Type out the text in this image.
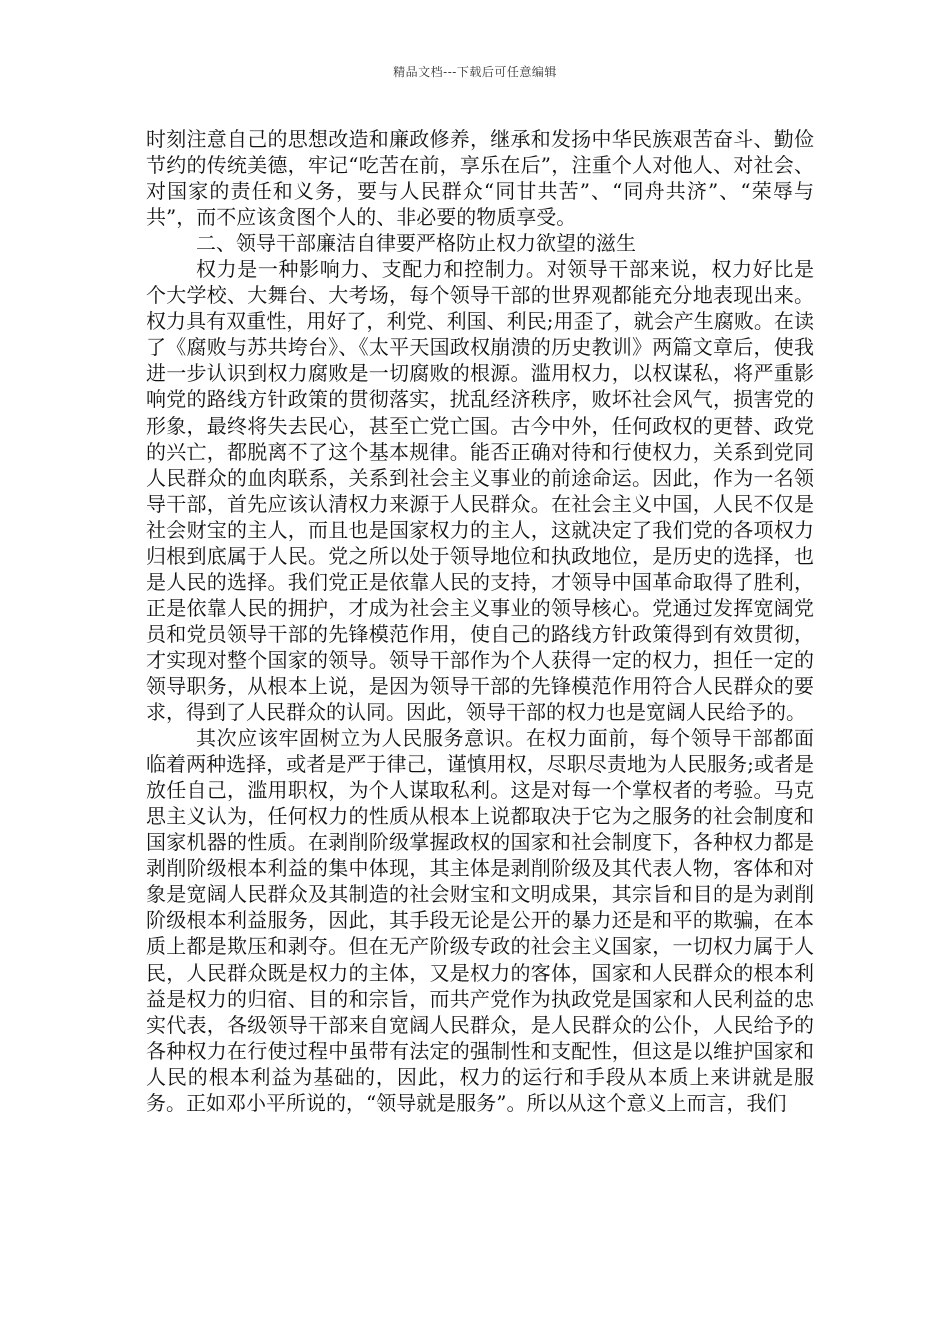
精品文档---下载后可任意编辑

时刻注意自己的思想改造和廉政修养，继承和发扬中华民族艰苦奋斗、勤俭节约的传统美德，牢记“吃苦在前，享乐在后”，注重个人对他人、对社会、对国家的责任和义务，要与人民群众“同甘共苦”、“同舟共济”、“荣辱与共”，而不应该贪图个人的、非必要的物质享受。

二、领导干部廉洁自律要严格防止权力欲望的滋生

权力是一种影响力、支配力和控制力。对领导干部来说，权力好比是个大学校、大舞台、大考场，每个领导干部的世界观都能充分地表现出来。权力具有双重性，用好了，利党、利国、利民;用歪了，就会产生腐败。在读了《腐败与苏共垮台》、《太平天国政权崩溃的历史教训》两篇文章后，使我进一步认识到权力腐败是一切腐败的根源。滥用权力，以权谋私，将严重影响党的路线方针政策的贯彻落实，扰乱经济秩序，败坏社会风气，损害党的形象，最终将失去民心，甚至亡党亡国。古今中外，任何政权的更替、政党的兴亡，都脱离不了这个基本规律。能否正确对待和行使权力，关系到党同人民群众的血肉联系，关系到社会主义事业的前途命运。因此，作为一名领导干部，首先应该认清权力来源于人民群众。在社会主义中国，人民不仅是社会财宝的主人，而且也是国家权力的主人，这就决定了我们党的各项权力归根到底属于人民。党之所以处于领导地位和执政地位，是历史的选择，也是人民的选择。我们党正是依靠人民的支持，才领导中国革命取得了胜利，正是依靠人民的拥护，才成为社会主义事业的领导核心。党通过发挥宽阔党员和党员领导干部的先锋模范作用，使自己的路线方针政策得到有效贯彻，才实现对整个国家的领导。领导干部作为个人获得一定的权力，担任一定的领导职务，从根本上说，是因为领导干部的先锋模范作用符合人民群众的要求，得到了人民群众的认同。因此，领导干部的权力也是宽阔人民给予的。

其次应该牢固树立为人民服务意识。在权力面前，每个领导干部都面临着两种选择，或者是严于律己，谨慎用权，尽职尽责地为人民服务;或者是放任自己，滥用职权，为个人谋取私利。这是对每一个掌权者的考验。马克思主义认为，任何权力的性质从根本上说都取决于它为之服务的社会制度和国家机器的性质。在剥削阶级掌握政权的国家和社会制度下，各种权力都是剥削阶级根本利益的集中体现，其主体是剥削阶级及其代表人物，客体和对象是宽阔人民群众及其制造的社会财宝和文明成果，其宗旨和目的是为剥削阶级根本利益服务，因此，其手段无论是公开的暴力还是和平的欺骗，在本质上都是欺压和剥夺。但在无产阶级专政的社会主义国家，一切权力属于人民，人民群众既是权力的主体，又是权力的客体，国家和人民群众的根本利益是权力的归宿、目的和宗旨，而共产党作为执政党是国家和人民利益的忠实代表，各级领导干部来自宽阔人民群众，是人民群众的公仆，人民给予的各种权力在行使过程中虽带有法定的强制性和支配性，但这是以维护国家和人民的根本利益为基础的，因此，权力的运行和手段从本质上来讲就是服务。正如邓小平所说的，“领导就是服务”。所以从这个意义上而言，我们
